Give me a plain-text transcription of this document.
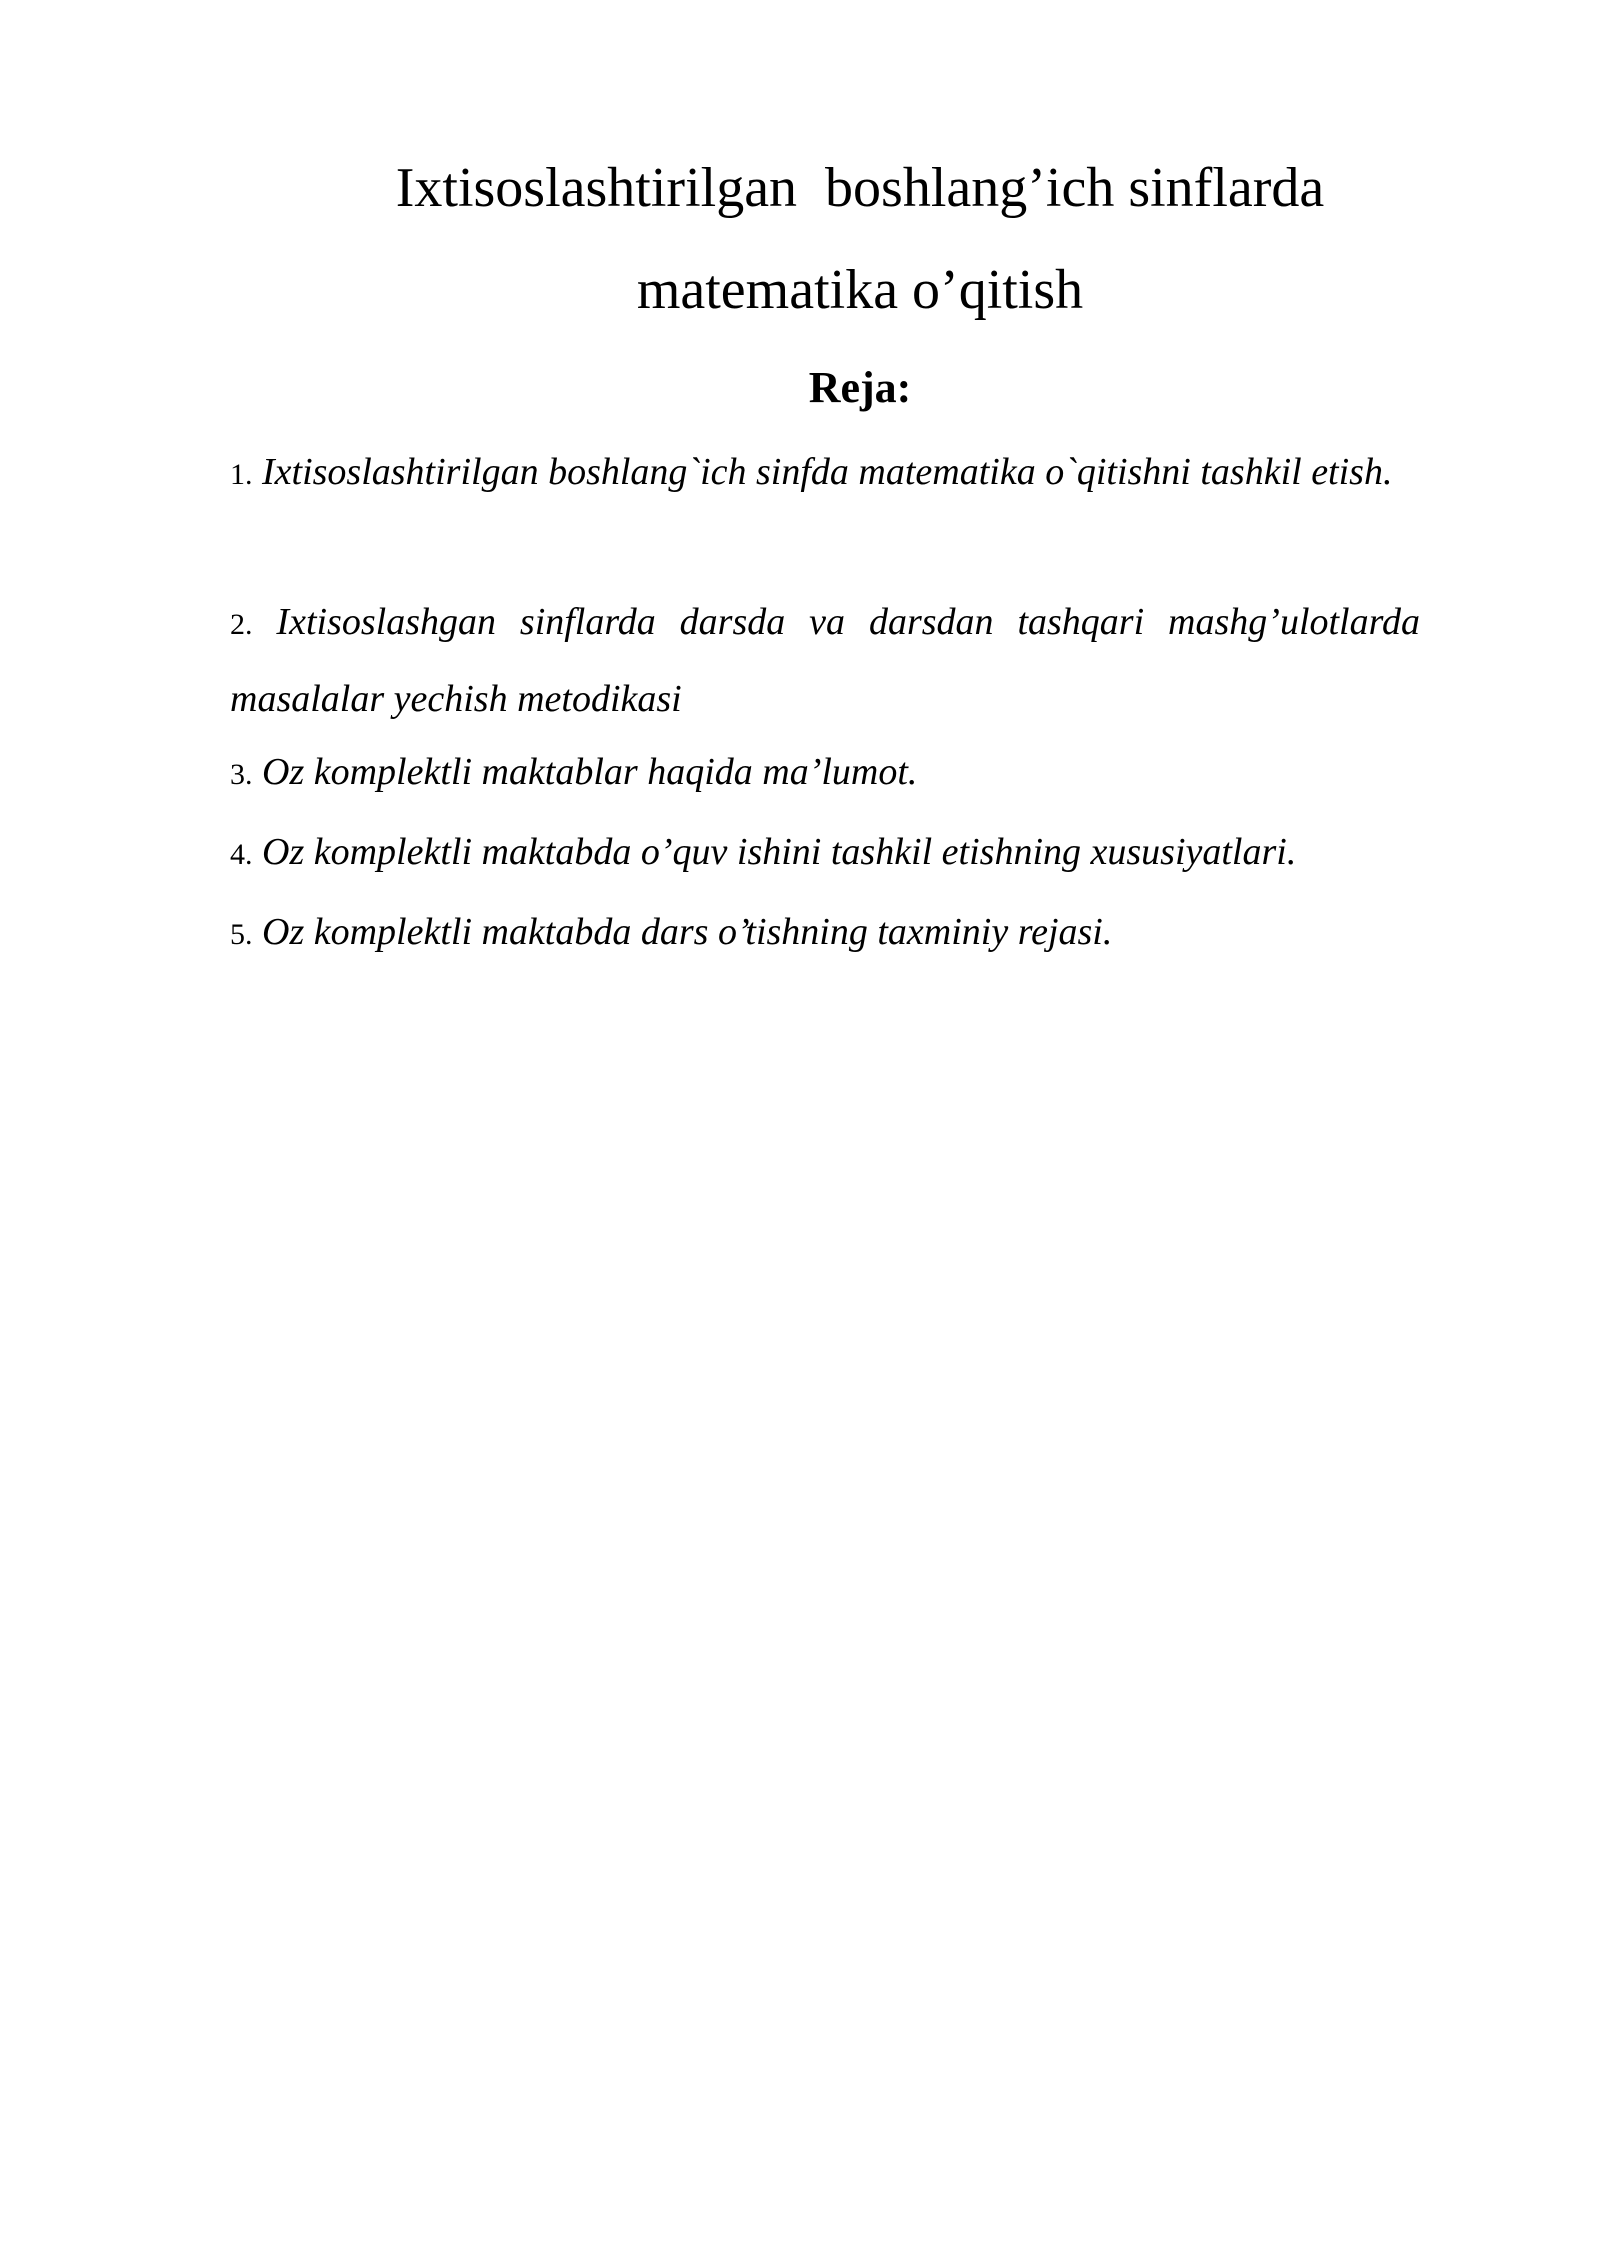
Ixtisoslashtirilgan  boshlang’ich sinflarda
matematika o’qitish
Reja:
1. Ixtisoslashtirilgan boshlang`ich sinfda matematika o`qitishni tashkil etish.
2. Ixtisoslashgan sinflarda darsda va darsdan tashqari mashg’ulotlarda masalalar yechish metodikasi
3. Oz komplektli maktablar haqida ma’lumot.
4. Oz komplektli maktabda o’quv ishini tashkil etishning xususiyatlari.
5. Oz komplektli maktabda dars o’tishning taxminiy rejasi.
